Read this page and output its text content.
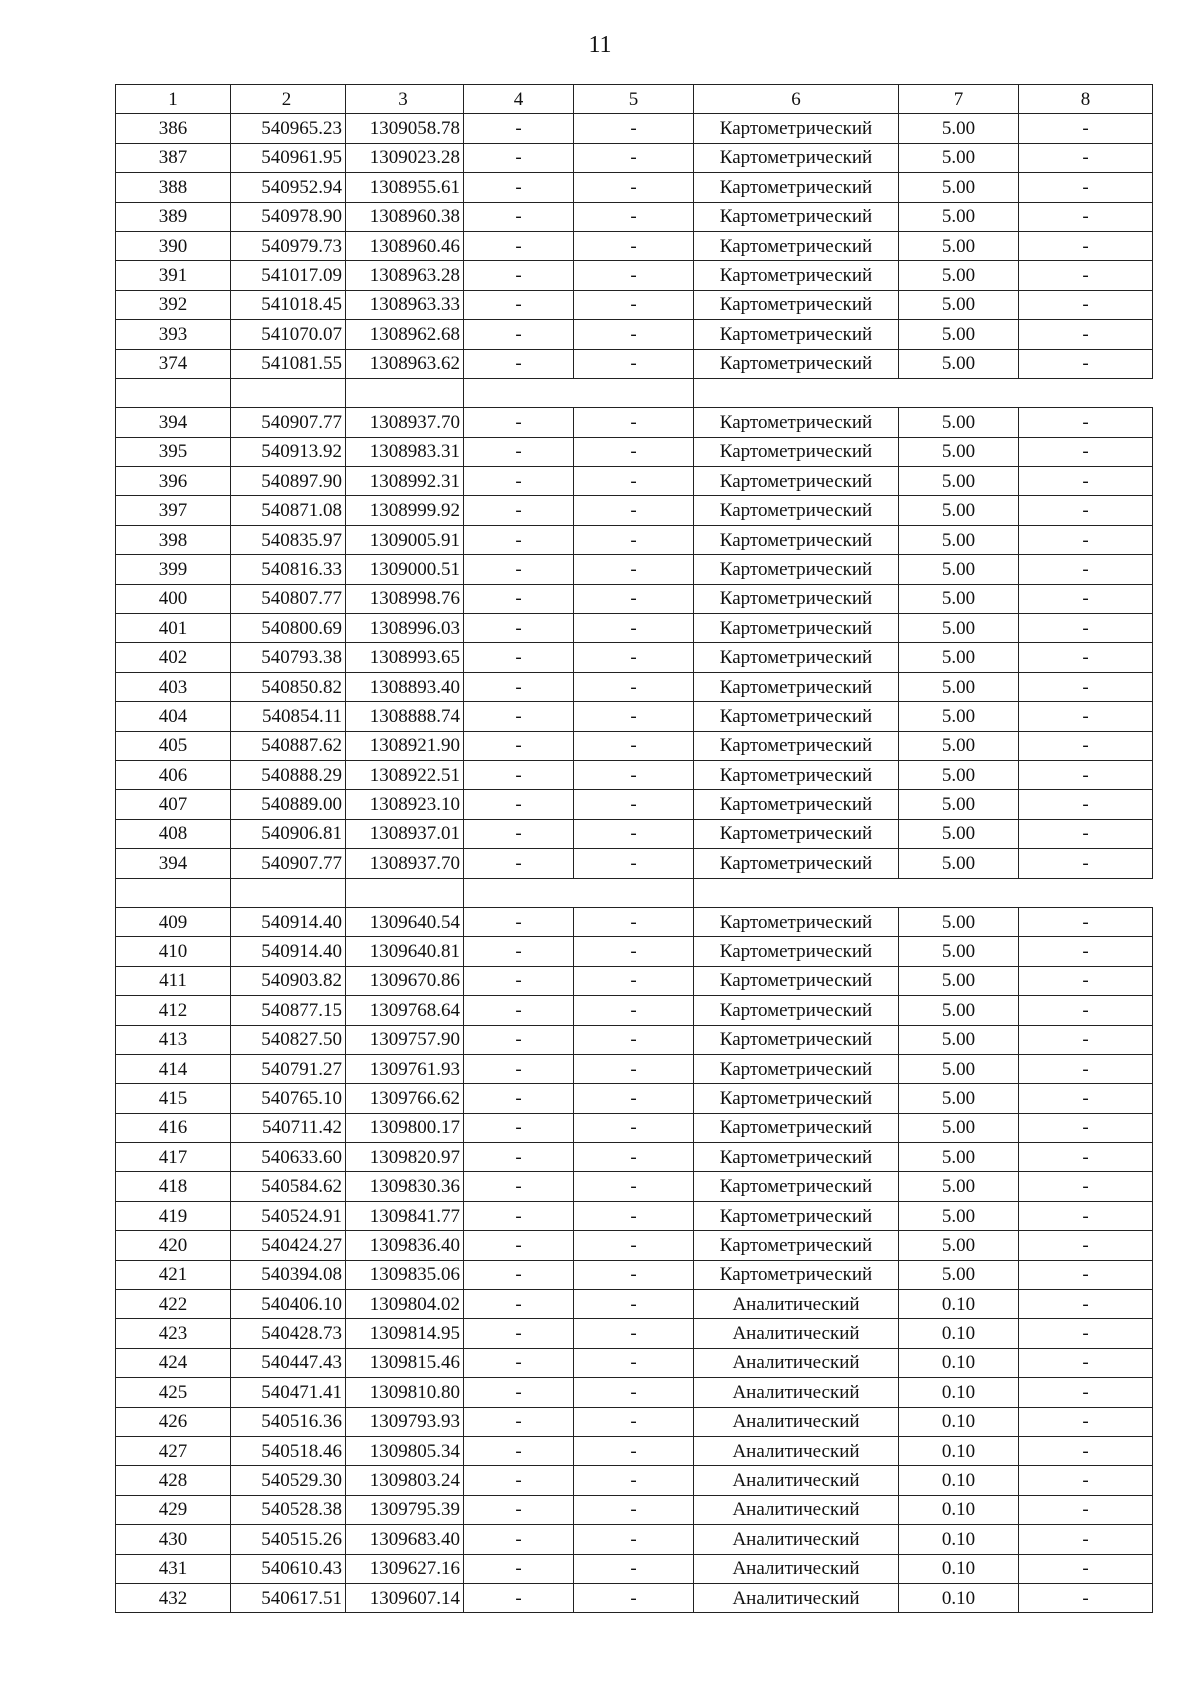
11
1	2	3	4	5	6	7	8
386	540965.23	1309058.78	-	-	Картометрический	5.00	-
387	540961.95	1309023.28	-	-	Картометрический	5.00	-
388	540952.94	1308955.61	-	-	Картометрический	5.00	-
389	540978.90	1308960.38	-	-	Картометрический	5.00	-
390	540979.73	1308960.46	-	-	Картометрический	5.00	-
391	541017.09	1308963.28	-	-	Картометрический	5.00	-
392	541018.45	1308963.33	-	-	Картометрический	5.00	-
393	541070.07	1308962.68	-	-	Картометрический	5.00	-
374	541081.55	1308963.62	-	-	Картометрический	5.00	-

394	540907.77	1308937.70	-	-	Картометрический	5.00	-
395	540913.92	1308983.31	-	-	Картометрический	5.00	-
396	540897.90	1308992.31	-	-	Картометрический	5.00	-
397	540871.08	1308999.92	-	-	Картометрический	5.00	-
398	540835.97	1309005.91	-	-	Картометрический	5.00	-
399	540816.33	1309000.51	-	-	Картометрический	5.00	-
400	540807.77	1308998.76	-	-	Картометрический	5.00	-
401	540800.69	1308996.03	-	-	Картометрический	5.00	-
402	540793.38	1308993.65	-	-	Картометрический	5.00	-
403	540850.82	1308893.40	-	-	Картометрический	5.00	-
404	540854.11	1308888.74	-	-	Картометрический	5.00	-
405	540887.62	1308921.90	-	-	Картометрический	5.00	-
406	540888.29	1308922.51	-	-	Картометрический	5.00	-
407	540889.00	1308923.10	-	-	Картометрический	5.00	-
408	540906.81	1308937.01	-	-	Картометрический	5.00	-
394	540907.77	1308937.70	-	-	Картометрический	5.00	-

409	540914.40	1309640.54	-	-	Картометрический	5.00	-
410	540914.40	1309640.81	-	-	Картометрический	5.00	-
411	540903.82	1309670.86	-	-	Картометрический	5.00	-
412	540877.15	1309768.64	-	-	Картометрический	5.00	-
413	540827.50	1309757.90	-	-	Картометрический	5.00	-
414	540791.27	1309761.93	-	-	Картометрический	5.00	-
415	540765.10	1309766.62	-	-	Картометрический	5.00	-
416	540711.42	1309800.17	-	-	Картометрический	5.00	-
417	540633.60	1309820.97	-	-	Картометрический	5.00	-
418	540584.62	1309830.36	-	-	Картометрический	5.00	-
419	540524.91	1309841.77	-	-	Картометрический	5.00	-
420	540424.27	1309836.40	-	-	Картометрический	5.00	-
421	540394.08	1309835.06	-	-	Картометрический	5.00	-
422	540406.10	1309804.02	-	-	Аналитический	0.10	-
423	540428.73	1309814.95	-	-	Аналитический	0.10	-
424	540447.43	1309815.46	-	-	Аналитический	0.10	-
425	540471.41	1309810.80	-	-	Аналитический	0.10	-
426	540516.36	1309793.93	-	-	Аналитический	0.10	-
427	540518.46	1309805.34	-	-	Аналитический	0.10	-
428	540529.30	1309803.24	-	-	Аналитический	0.10	-
429	540528.38	1309795.39	-	-	Аналитический	0.10	-
430	540515.26	1309683.40	-	-	Аналитический	0.10	-
431	540610.43	1309627.16	-	-	Аналитический	0.10	-
432	540617.51	1309607.14	-	-	Аналитический	0.10	-
